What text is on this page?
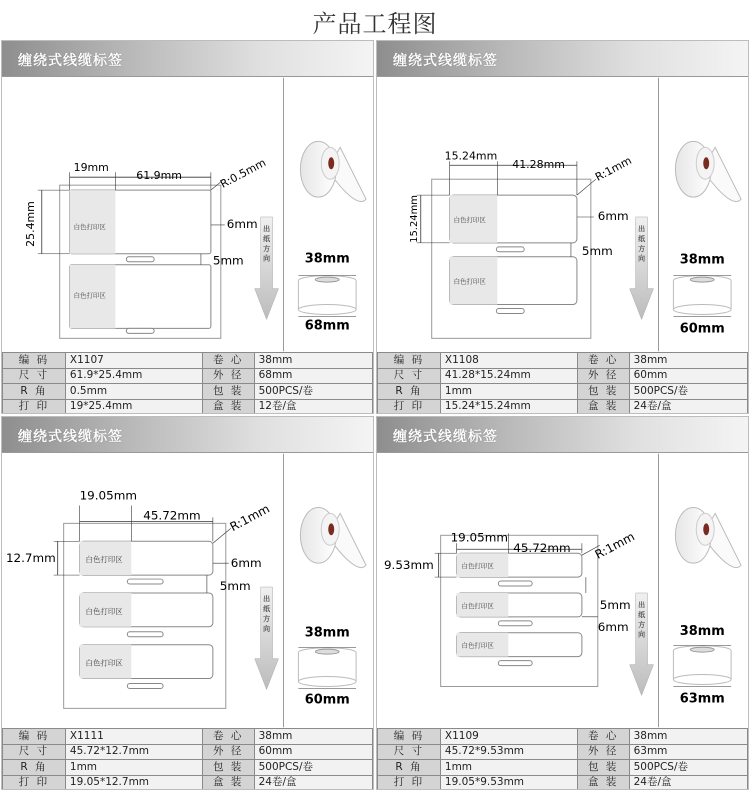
产品工程图
缠绕式线缆标签
白色打印区
白色打印区
19mm
61.9mm	R:0.5mm
25.4mm	6mm
5mm
出
纸
方
向	38mm
68mm
编 码	X1107	卷 心	38mm
尺 寸	61.9*25.4mm	外 径	68mm
R 角	0.5mm	包 装	500PCS/卷
打 印	19*25.4mm	盒 装	12卷/盒
缠绕式线缆标签
白色打印区
白色打印区
15.24mm
41.28mm	R:1mm
15.24mm	6mm
5mm
出
纸
方
向	38mm
60mm
编 码	X1108	卷 心	38mm
尺 寸	41.28*15.24mm	外 径	60mm
R 角	1mm	包 装	500PCS/卷
打 印	15.24*15.24mm	盒 装	24卷/盒
缠绕式线缆标签
白色打印区
白色打印区
白色打印区
19.05mm
45.72mm R:1mm
12.7mm	6mm
5mm
出
纸
方
向	38mm
60mm
编 码	X1111	卷 心	38mm
尺 寸	45.72*12.7mm	外 径	60mm
R 角	1mm	包 装	500PCS/卷
打 印	19.05*12.7mm	盒 装	24卷/盒
缠绕式线缆标签
白色打印区
白色打印区
白色打印区
19.05mm
45.72mm R:1mm
9.53mm
6mm
5mm 出
纸
方
向	38mm
63mm
编 码	X1109	卷 心	38mm
尺 寸	45.72*9.53mm	外 径	63mm
R 角	1mm	包 装	500PCS/卷
打 印	19.05*9.53mm	盒 装	24卷/盒
